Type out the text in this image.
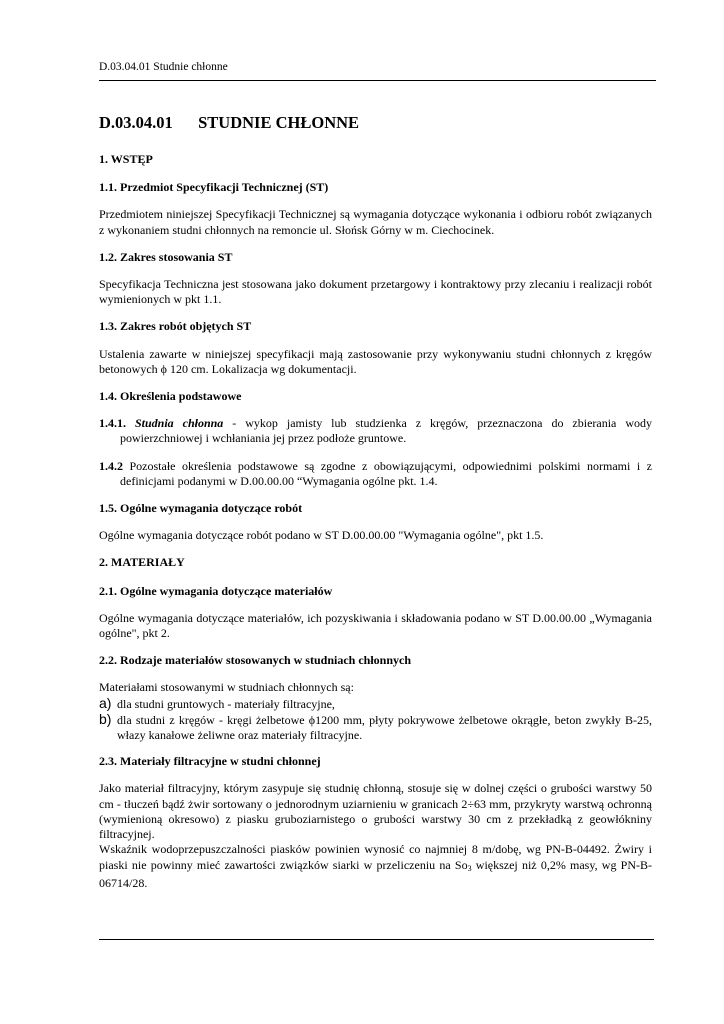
D.03.04.01 Studnie chłonne
D.03.04.01 STUDNIE CHŁONNE
1. WSTĘP
1.1. Przedmiot Specyfikacji Technicznej (ST)

Przedmiotem niniejszej Specyfikacji Technicznej są wymagania dotyczące wykonania i odbioru robót związanych z wykonaniem studni chłonnych na remoncie ul. Słońsk Górny w m. Ciechocinek.

1.2. Zakres stosowania ST

Specyfikacja Techniczna jest stosowana jako dokument przetargowy i kontraktowy przy zlecaniu i realizacji robót wymienionych w pkt 1.1.

1.3. Zakres robót objętych ST

Ustalenia zawarte w niniejszej specyfikacji mają zastosowanie przy wykonywaniu studni chłonnych z kręgów betonowych ϕ 120 cm. Lokalizacja wg dokumentacji.

1.4. Określenia podstawowe
1.4.1. Studnia chłonna - wykop jamisty lub studzienka z kręgów, przeznaczona do zbierania wody powierzchniowej i wchłaniania jej przez podłoże gruntowe.
1.4.2 Pozostałe określenia podstawowe są zgodne z obowiązującymi, odpowiednimi polskimi normami i z definicjami podanymi w D.00.00.00 “Wymagania ogólne pkt. 1.4.
1.5. Ogólne wymagania dotyczące robót

Ogólne wymagania dotyczące robót podano w ST D.00.00.00 "Wymagania ogólne", pkt 1.5.

2. MATERIAŁY
2.1. Ogólne wymagania dotyczące materiałów

Ogólne wymagania dotyczące materiałów, ich pozyskiwania i składowania podano w ST D.00.00.00 „Wymagania ogólne", pkt 2.

2.2. Rodzaje materiałów stosowanych w studniach chłonnych

Materiałami stosowanymi w studniach chłonnych są:

a) dla studni gruntowych - materiały filtracyjne,
b) dla studni z kręgów - kręgi żelbetowe ϕ1200 mm, płyty pokrywowe żelbetowe okrągłe, beton zwykły B-25, włazy kanałowe żeliwne oraz materiały filtracyjne.
2.3. Materiały filtracyjne w studni chłonnej

Jako materiał filtracyjny, którym zasypuje się studnię chłonną, stosuje się w dolnej części o grubości warstwy 50 cm - tłuczeń bądź żwir sortowany o jednorodnym uziarnieniu w granicach 2÷63 mm, przykryty warstwą ochronną (wymienioną okresowo) z piasku gruboziarnistego o grubości warstwy 30 cm z przekładką z geowłókniny filtracyjnej.

Wskaźnik wodoprzepuszczalności piasków powinien wynosić co najmniej 8 m/dobę, wg PN-B-04492. Żwiry i piaski nie powinny mieć zawartości związków siarki w przeliczeniu na $So_3$ większej niż 0,2% masy, wg PN-B-06714/28.
